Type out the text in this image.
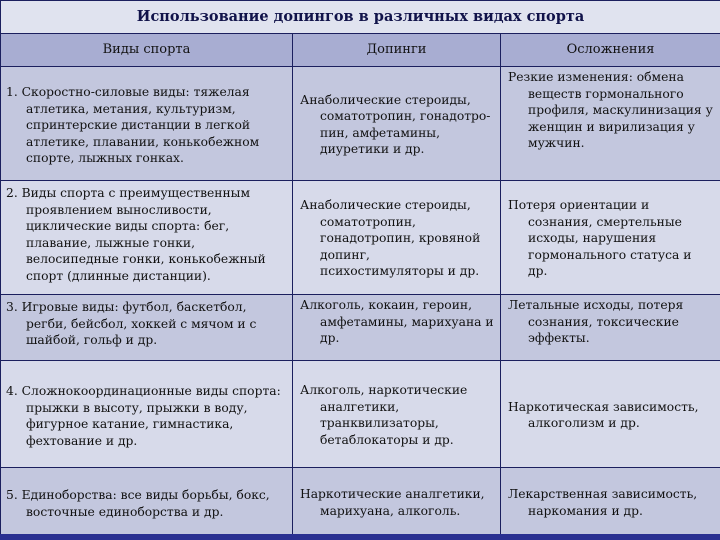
Использование допингов в различных видах спорта		
Виды спорта	Допинги	Осложнения

1. Скоростно-силовые виды: тяжелая атлетика, метания, культуризм, спринтерские дистанции в легкой атлетике, плавании, конькобежном спорте, лыжных гонках.	Анаболические стероиды, соматотропин, гонадотро-пин, амфетамины, диуретики и др.	Резкие изменения: обмена веществ гормонального профиля, маскулинизация у женщин и вирилизация у мужчин.

2. Виды спорта с преимущественным проявлением выносливости, циклические виды спорта: бег, плавание, лыжные гонки, велосипедные гонки, конькобежный спорт (длинные дистанции).	Анаболические стероиды, соматотропин, гонадотропин, кровяной допинг, психостимуляторы и др.	Потеря ориентации и сознания, смертельные исходы, нарушения гормонального статуса и др.

3. Игровые виды: футбол, баскетбол, регби, бейсбол, хоккей с мячом и с шайбой, гольф и др.	Алкоголь, кокаин, героин, амфетамины, марихуана и др.	Летальные исходы, потеря сознания, токсические эффекты.

4. Сложнокоординационные виды спорта: прыжки в высоту, прыжки в воду, фигурное катание, гимнастика, фехтование и др.	Алкоголь, наркотические аналгетики, транквилизаторы, бетаблокаторы и др.	Наркотическая зависимость, алкоголизм и др.

5. Единоборства: все виды борьбы, бокс, восточные единоборства и др.	Наркотические аналгетики, марихуана, алкоголь.	Лекарственная зависимость, наркомания и др.
